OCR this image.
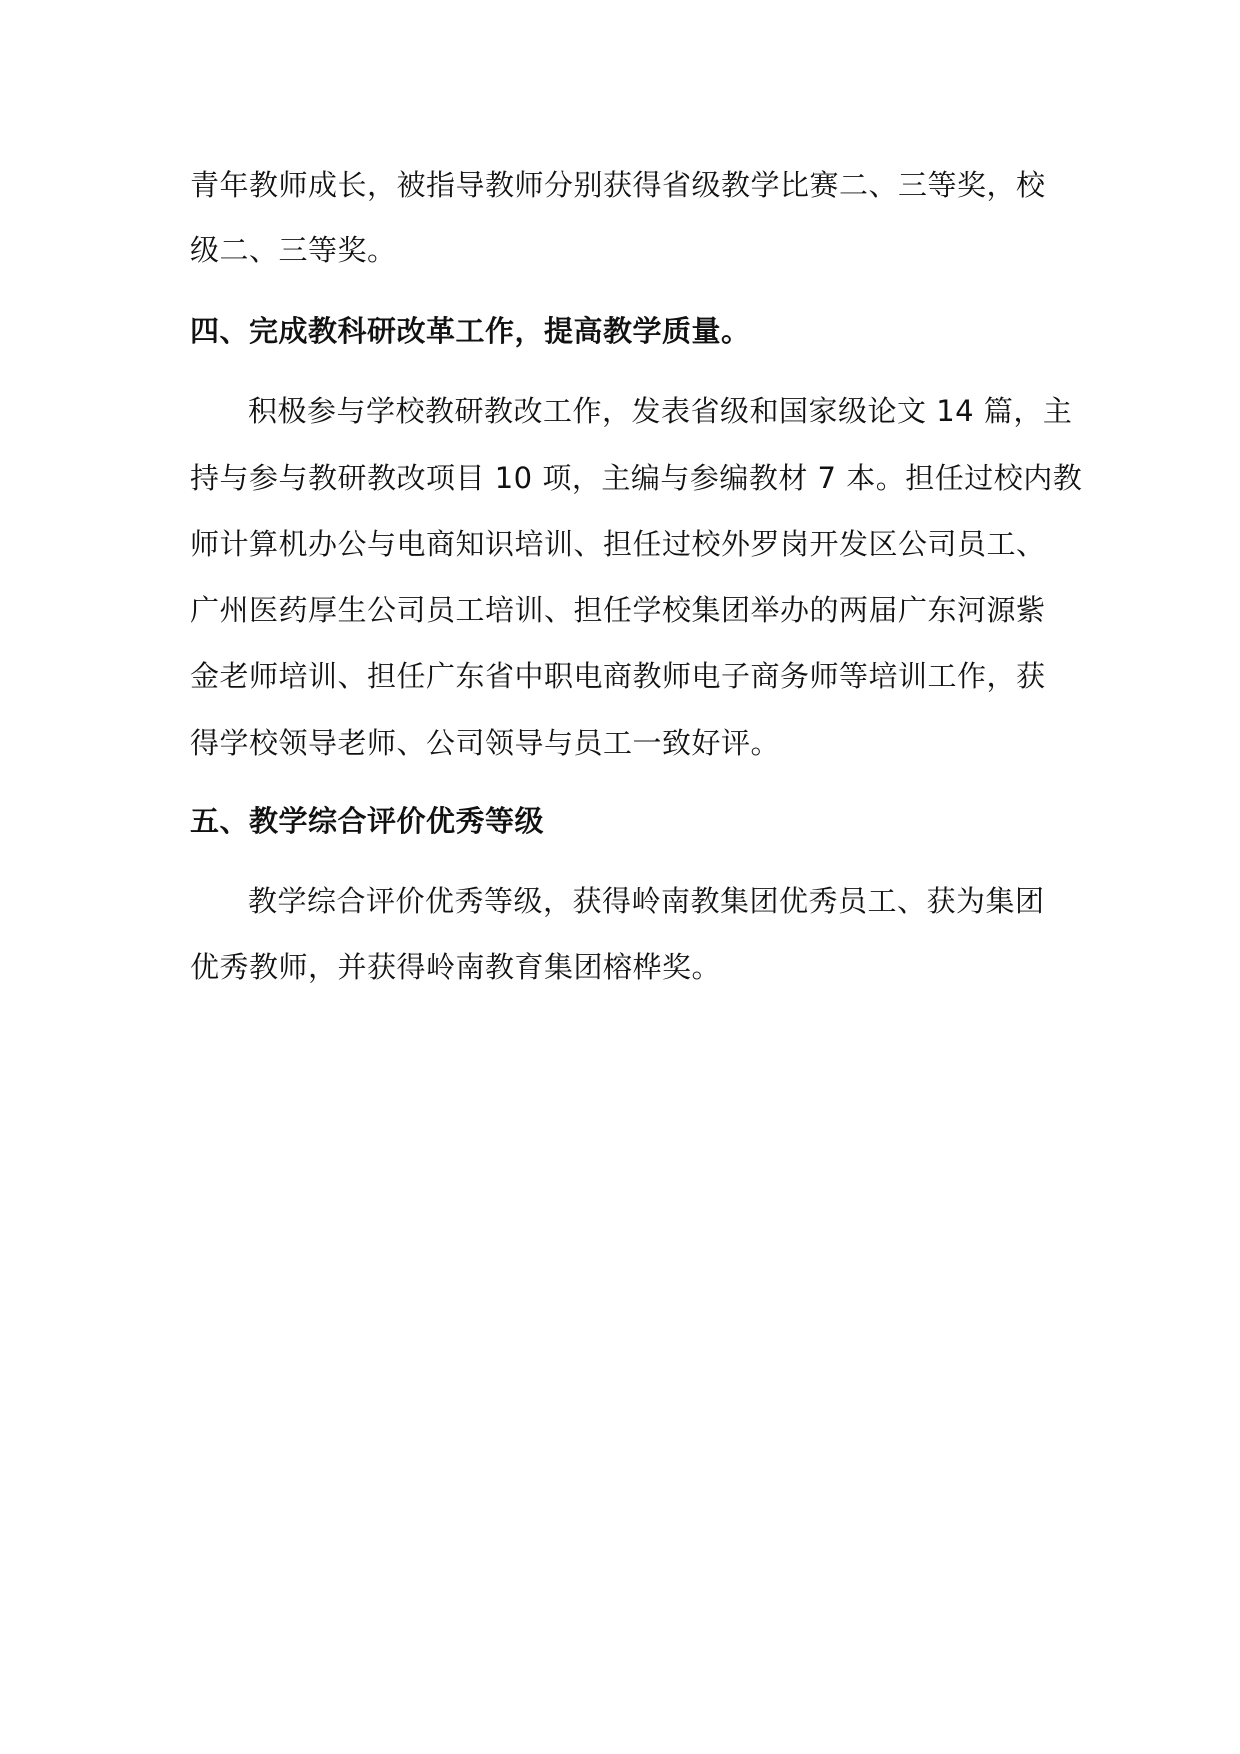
青年教师成长，被指导教师分别获得省级教学比赛二、三等奖，校

级二、三等奖。

四、完成教科研改革工作，提高教学质量。

积极参与学校教研教改工作，发表省级和国家级论文 14 篇，主

持与参与教研教改项目 10 项，主编与参编教材 7 本。担任过校内教

师计算机办公与电商知识培训、担任过校外罗岗开发区公司员工、

广州医药厚生公司员工培训、担任学校集团举办的两届广东河源紫

金老师培训、担任广东省中职电商教师电子商务师等培训工作，获

得学校领导老师、公司领导与员工一致好评。

五、教学综合评价优秀等级

教学综合评价优秀等级，获得岭南教集团优秀员工、获为集团

优秀教师，并获得岭南教育集团榕桦奖。
